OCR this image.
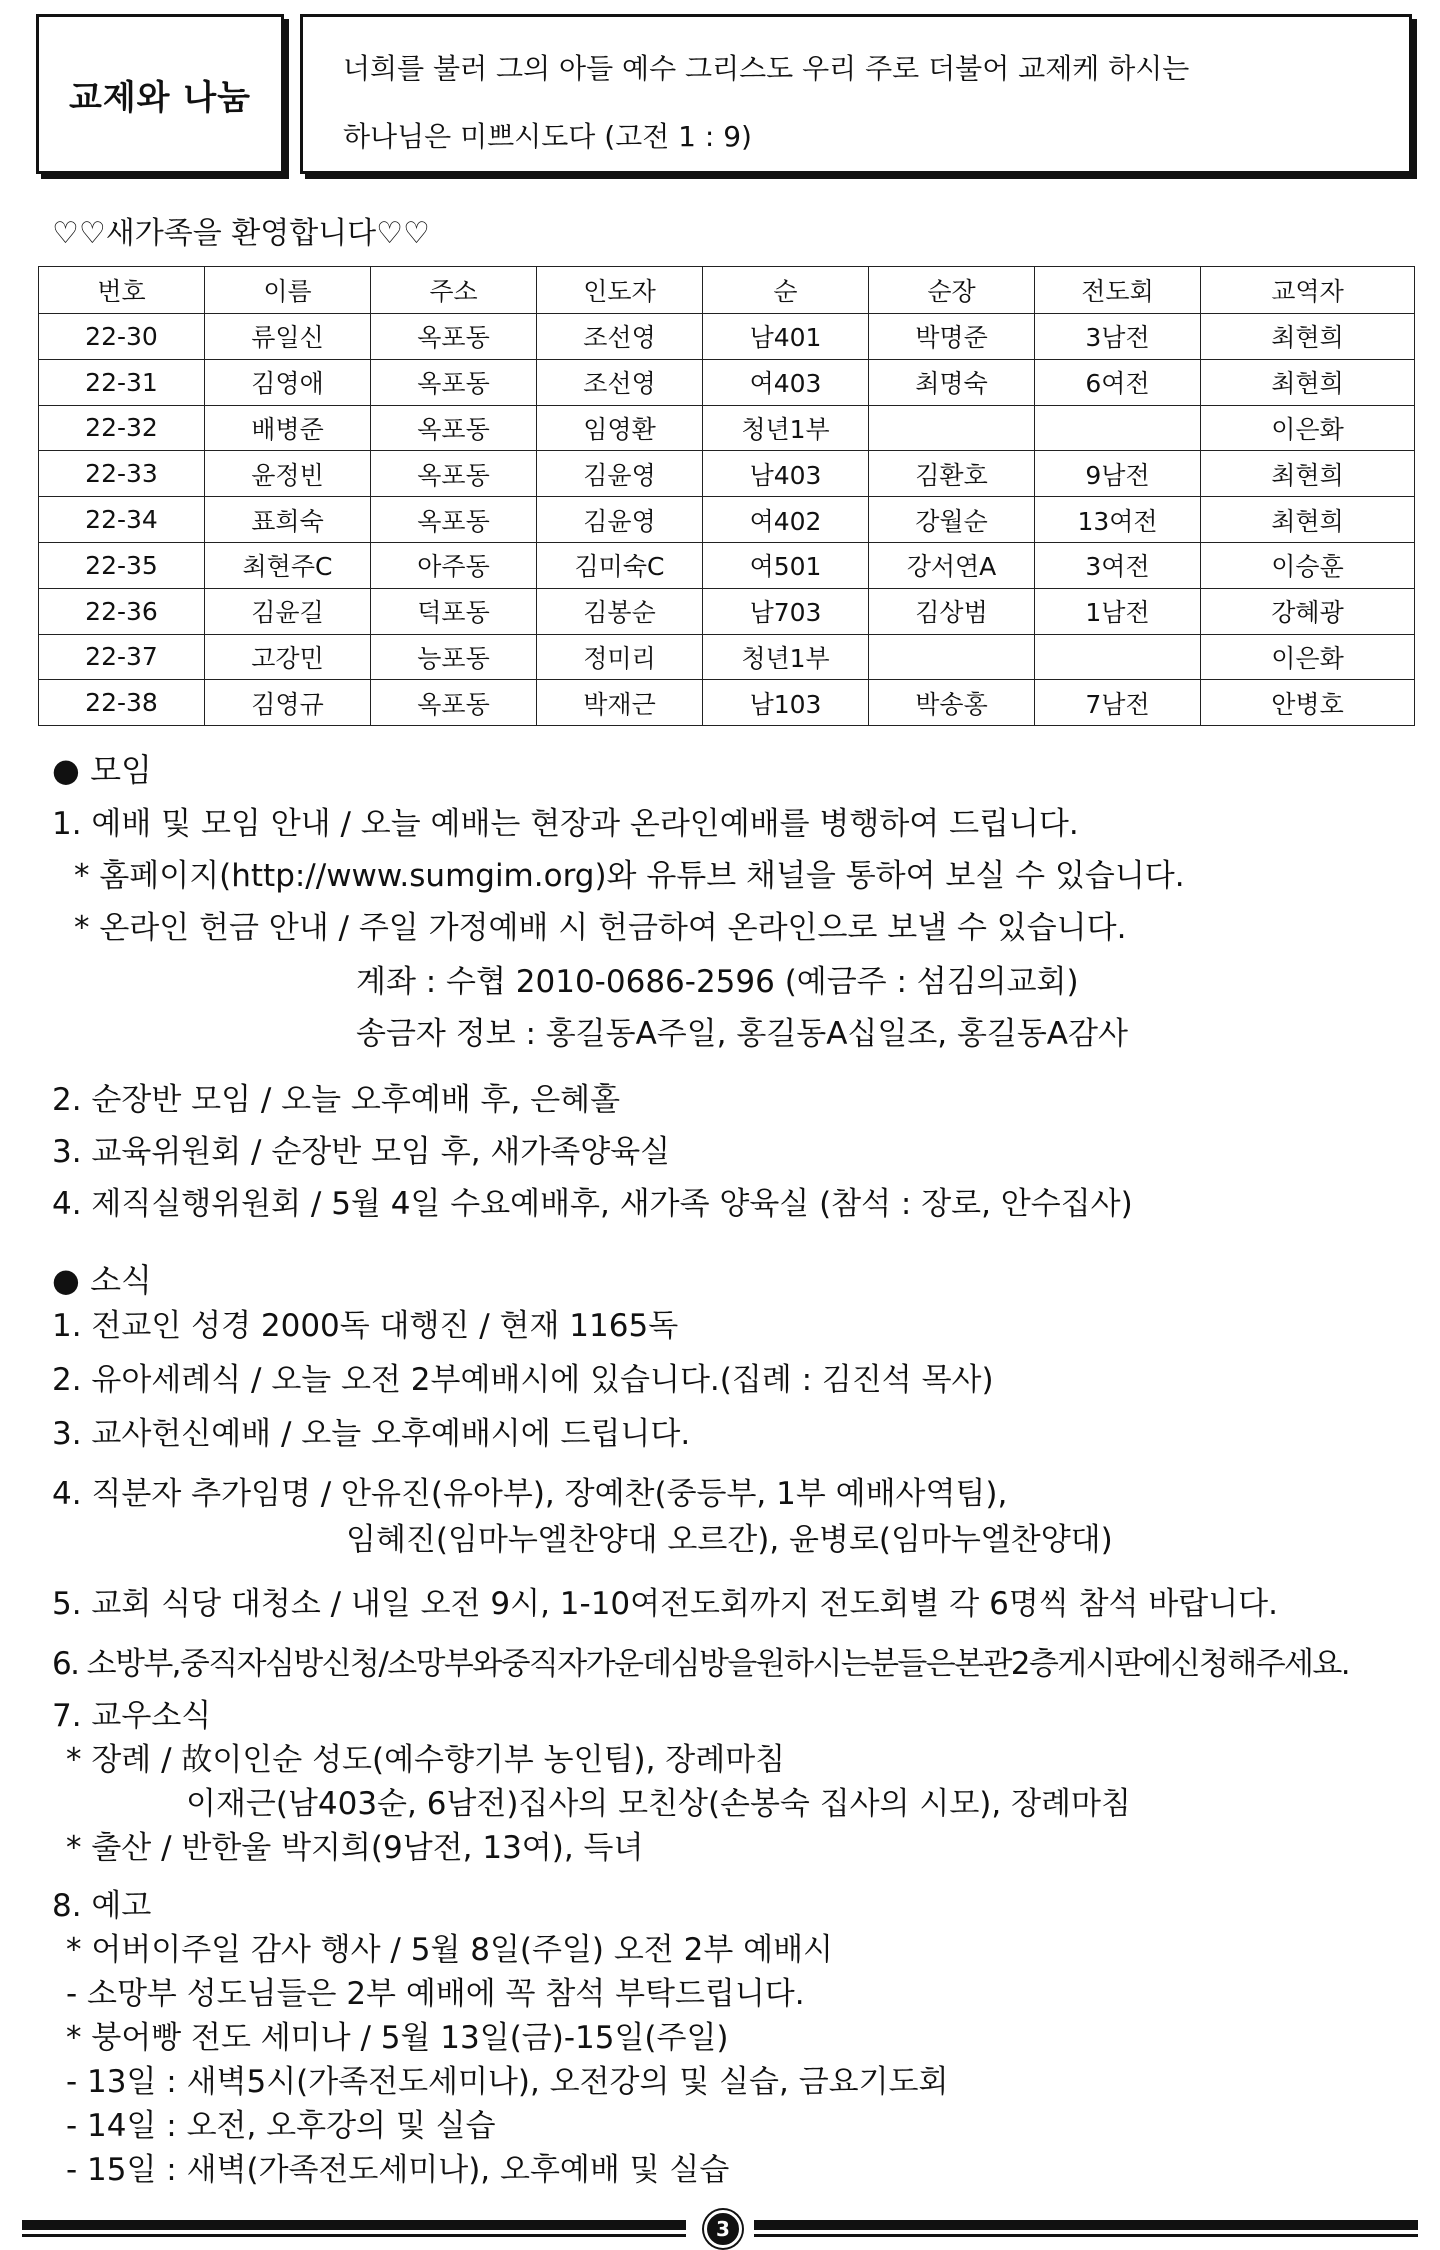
교제와 나눔
너희를 불러 그의 아들 예수 그리스도 우리 주로 더불어 교제케 하시는
하나님은 미쁘시도다 (고전 1 : 9)
♡♡새가족을 환영합니다♡♡
번호	이름	주소	인도자	순	순장	전도회	교역자
22-30	류일신	옥포동	조선영	남401	박명준	3남전	최현희
22-31	김영애	옥포동	조선영	여403	최명숙	6여전	최현희
22-32	배병준	옥포동	임영환	청년1부			이은화
22-33	윤정빈	옥포동	김윤영	남403	김환호	9남전	최현희
22-34	표희숙	옥포동	김윤영	여402	강월순	13여전	최현희
22-35	최현주C	아주동	김미숙C	여501	강서연A	3여전	이승훈
22-36	김윤길	덕포동	김봉순	남703	김상범	1남전	강혜광
22-37	고강민	능포동	정미리	청년1부			이은화
22-38	김영규	옥포동	박재근	남103	박송홍	7남전	안병호
● 모임
1. 예배 및 모임 안내 / 오늘 예배는 현장과 온라인예배를 병행하여 드립니다.
* 홈페이지(http://www.sumgim.org)와 유튜브 채널을 통하여 보실 수 있습니다.
* 온라인 헌금 안내 / 주일 가정예배 시 헌금하여 온라인으로 보낼 수 있습니다.
계좌 : 수협 2010-0686-2596 (예금주 : 섬김의교회)
송금자 정보 : 홍길동A주일, 홍길동A십일조, 홍길동A감사
2. 순장반 모임 / 오늘 오후예배 후, 은혜홀
3. 교육위원회 / 순장반 모임 후, 새가족양육실
4. 제직실행위원회 / 5월 4일 수요예배후, 새가족 양육실 (참석 : 장로, 안수집사)
● 소식
1. 전교인 성경 2000독 대행진 / 현재 1165독
2. 유아세례식 / 오늘 오전 2부예배시에 있습니다.(집례 : 김진석 목사)
3. 교사헌신예배 / 오늘 오후예배시에 드립니다.
4. 직분자 추가임명 / 안유진(유아부), 장예찬(중등부, 1부 예배사역팀),
임혜진(임마누엘찬양대 오르간), 윤병로(임마누엘찬양대)
5. 교회 식당 대청소 / 내일 오전 9시, 1-10여전도회까지 전도회별 각 6명씩 참석 바랍니다.
6. 소방부,중직자심방신청/소망부와중직자가운데심방을원하시는분들은본관2층게시판에신청해주세요.
7. 교우소식
* 장례 / 故이인순 성도(예수향기부 농인팀), 장례마침
이재근(남403순, 6남전)집사의 모친상(손봉숙 집사의 시모), 장례마침
* 출산 / 반한울 박지희(9남전, 13여), 득녀
8. 예고
* 어버이주일 감사 행사 / 5월 8일(주일) 오전 2부 예배시
- 소망부 성도님들은 2부 예배에 꼭 참석 부탁드립니다.
* 붕어빵 전도 세미나 / 5월 13일(금)-15일(주일)
- 13일 : 새벽5시(가족전도세미나), 오전강의 및 실습, 금요기도회
- 14일 : 오전, 오후강의 및 실습
- 15일 : 새벽(가족전도세미나), 오후예배 및 실습
3
